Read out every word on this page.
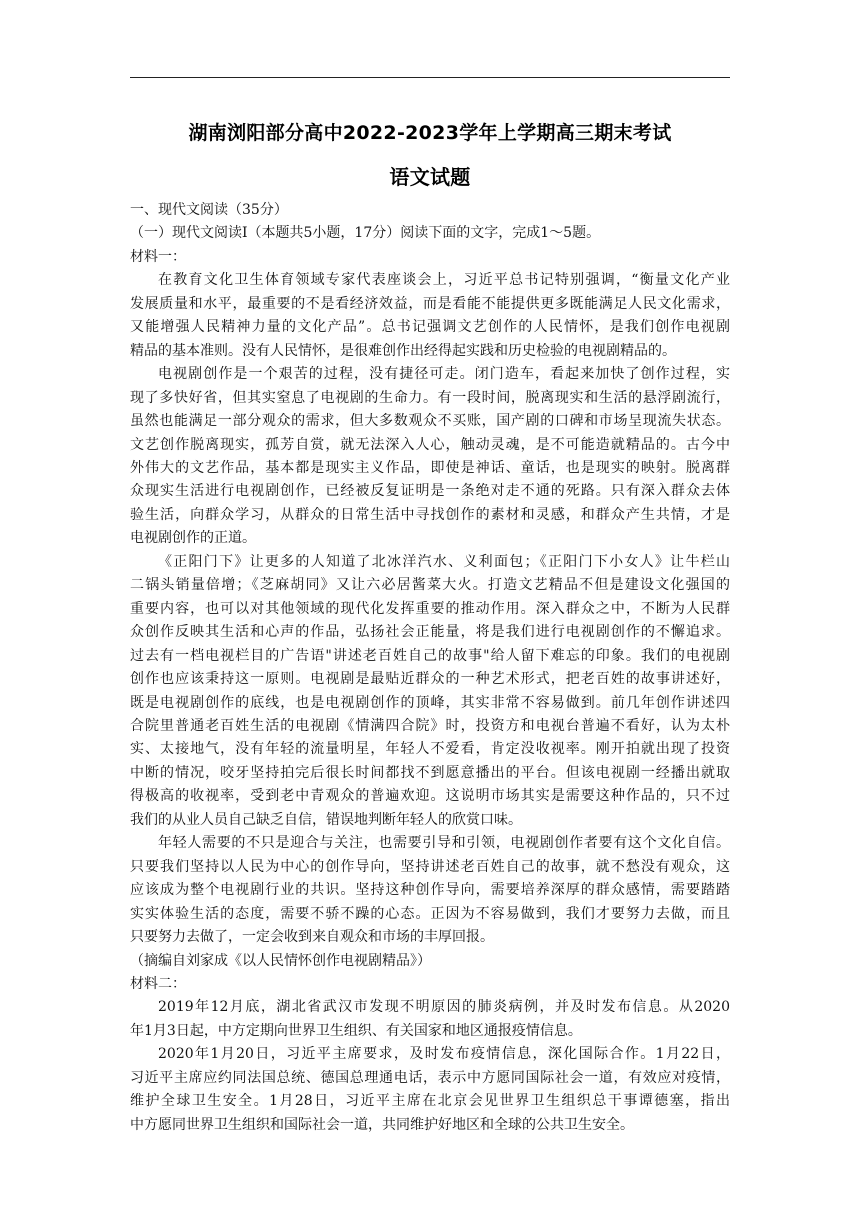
湖南浏阳部分高中2022-2023学年上学期高三期末考试
语文试题

一、现代文阅读（35分）

（一）现代文阅读Ⅰ（本题共5小题，17分）阅读下面的文字，完成1～5题。

材料一：

在教育文化卫生体育领域专家代表座谈会上，习近平总书记特别强调，“衡量文化产业
发展质量和水平，最重要的不是看经济效益，而是看能不能提供更多既能满足人民文化需求，
又能增强人民精神力量的文化产品”。总书记强调文艺创作的人民情怀，是我们创作电视剧
精品的基本准则。没有人民情怀，是很难创作出经得起实践和历史检验的电视剧精品的。

电视剧创作是一个艰苦的过程，没有捷径可走。闭门造车，看起来加快了创作过程，实
现了多快好省，但其实窒息了电视剧的生命力。有一段时间，脱离现实和生活的悬浮剧流行，
虽然也能满足一部分观众的需求，但大多数观众不买账，国产剧的口碑和市场呈现流失状态。
文艺创作脱离现实，孤芳自赏，就无法深入人心，触动灵魂，是不可能造就精品的。古今中
外伟大的文艺作品，基本都是现实主义作品，即使是神话、童话，也是现实的映射。脱离群
众现实生活进行电视剧创作，已经被反复证明是一条绝对走不通的死路。只有深入群众去体
验生活，向群众学习，从群众的日常生活中寻找创作的素材和灵感，和群众产生共情，才是
电视剧创作的正道。

《正阳门下》让更多的人知道了北冰洋汽水、义利面包；《正阳门下小女人》让牛栏山
二锅头销量倍增；《芝麻胡同》又让六必居酱菜大火。打造文艺精品不但是建设文化强国的
重要内容，也可以对其他领域的现代化发挥重要的推动作用。深入群众之中，不断为人民群
众创作反映其生活和心声的作品，弘扬社会正能量，将是我们进行电视剧创作的不懈追求。
过去有一档电视栏目的广告语"讲述老百姓自己的故事"给人留下难忘的印象。我们的电视剧
创作也应该秉持这一原则。电视剧是最贴近群众的一种艺术形式，把老百姓的故事讲述好，
既是电视剧创作的底线，也是电视剧创作的顶峰，其实非常不容易做到。前几年创作讲述四
合院里普通老百姓生活的电视剧《情满四合院》时，投资方和电视台普遍不看好，认为太朴
实、太接地气，没有年轻的流量明星，年轻人不爱看，肯定没收视率。刚开拍就出现了投资
中断的情况，咬牙坚持拍完后很长时间都找不到愿意播出的平台。但该电视剧一经播出就取
得极高的收视率，受到老中青观众的普遍欢迎。这说明市场其实是需要这种作品的，只不过
我们的从业人员自己缺乏自信，错误地判断年轻人的欣赏口味。

年轻人需要的不只是迎合与关注，也需要引导和引领，电视剧创作者要有这个文化自信。
只要我们坚持以人民为中心的创作导向，坚持讲述老百姓自己的故事，就不愁没有观众，这
应该成为整个电视剧行业的共识。坚持这种创作导向，需要培养深厚的群众感情，需要踏踏
实实体验生活的态度，需要不骄不躁的心态。正因为不容易做到，我们才要努力去做，而且
只要努力去做了，一定会收到来自观众和市场的丰厚回报。

（摘编自刘家成《以人民情怀创作电视剧精品》）

材料二：

2019年12月底，湖北省武汉市发现不明原因的肺炎病例，并及时发布信息。从2020
年1月3日起，中方定期向世界卫生组织、有关国家和地区通报疫情信息。

2020年1月20日，习近平主席要求，及时发布疫情信息，深化国际合作。1月22日，
习近平主席应约同法国总统、德国总理通电话，表示中方愿同国际社会一道，有效应对疫情，
维护全球卫生安全。1月28日，习近平主席在北京会见世界卫生组织总干事谭德塞，指出
中方愿同世界卫生组织和国际社会一道，共同维护好地区和全球的公共卫生安全。
